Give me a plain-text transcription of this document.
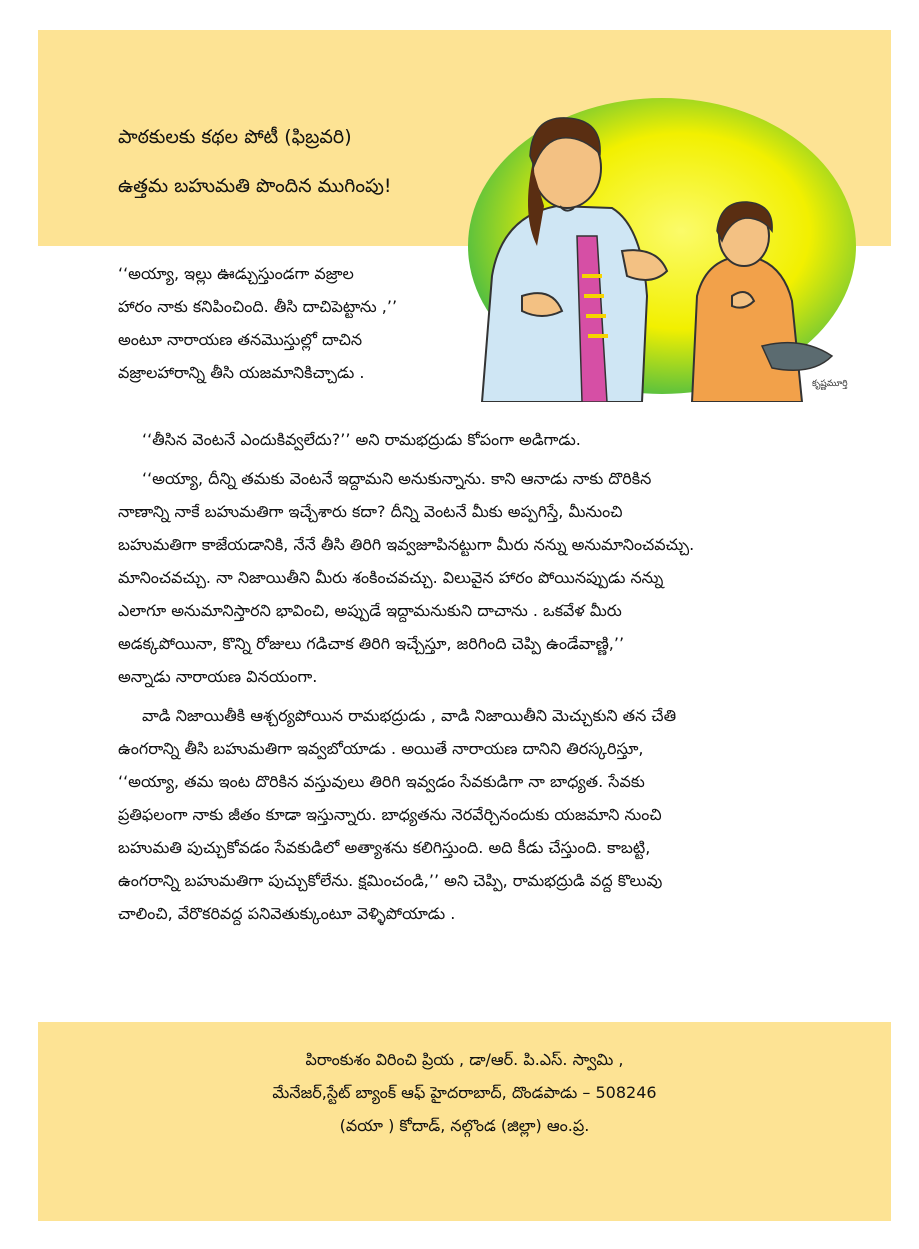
పాఠకులకు కథల పోటీ (ఫిబ్రవరి)
ఉత్తమ బహుమతి పొందిన ముగింపు!
కృష్ణమూర్తి
‘‘అయ్యా, ఇల్లు ఊడ్చుస్తుండగా వజ్రాల
హారం నాకు కనిపించింది. తీసి దాచిపెట్టాను ,’’
అంటూ నారాయణ తనమొస్తుల్లో దాచిన
వజ్రాలహారాన్ని తీసి యజమానికిచ్చాడు .
‘‘తీసిన వెంటనే ఎందుకివ్వలేదు?’’ అని రామభద్రుడు కోపంగా అడిగాడు.
‘‘అయ్యా, దీన్ని తమకు వెంటనే ఇద్దామని అనుకున్నాను. కాని ఆనాడు నాకు దొరికిన
నాణాన్ని నాకే బహుమతిగా ఇచ్చేశారు కదా? దీన్ని వెంటనే మీకు అప్పగిస్తే, మీనుంచి
బహుమతిగా కాజేయడానికి, నేనే తీసి తిరిగి ఇవ్వజూపినట్టుగా మీరు నన్ను అనుమానించవచ్చు.
మానించవచ్చు. నా నిజాయితీని మీరు శంకించవచ్చు. విలువైన హారం పోయినప్పుడు నన్ను
ఎలాగూ అనుమానిస్తారని భావించి, అప్పుడే ఇద్దామనుకుని దాచాను . ఒకవేళ మీరు
అడక్కపోయినా, కొన్ని రోజులు గడిచాక తిరిగి ఇచ్చేస్తూ, జరిగింది చెప్పి ఉండేవాణ్ణి,’’
అన్నాడు నారాయణ వినయంగా.
వాడి నిజాయితీకి ఆశ్చర్యపోయిన రామభద్రుడు , వాడి నిజాయితీని మెచ్చుకుని తన చేతి
ఉంగరాన్ని తీసి బహుమతిగా ఇవ్వబోయాడు . అయితే నారాయణ దానిని తిరస్కరిస్తూ,
‘‘అయ్యా, తమ ఇంట దొరికిన వస్తువులు తిరిగి ఇవ్వడం సేవకుడిగా నా బాధ్యత. సేవకు
ప్రతిఫలంగా నాకు జీతం కూడా ఇస్తున్నారు. బాధ్యతను నెరవేర్చినందుకు యజమాని నుంచి
బహుమతి పుచ్చుకోవడం సేవకుడిలో అత్యాశను కలిగిస్తుంది. అది కీడు చేస్తుంది. కాబట్టి,
ఉంగరాన్ని బహుమతిగా పుచ్చుకోలేను. క్షమించండి,’’ అని చెప్పి, రామభద్రుడి వద్ద కొలువు
చాలించి, వేరొకరివద్ద పనివెతుక్కుంటూ వెళ్ళిపోయాడు .
పిరాంకుశం విరించి ప్రియ , డా/ఆర్. పి.ఎస్. స్వామి ,
మేనేజర్,స్టేట్ బ్యాంక్ ఆఫ్ హైదరాబాద్, దొండపాడు – 508246
(వయా ) కోదాడ్, నల్గొండ (జిల్లా) ఆం.ప్ర.
